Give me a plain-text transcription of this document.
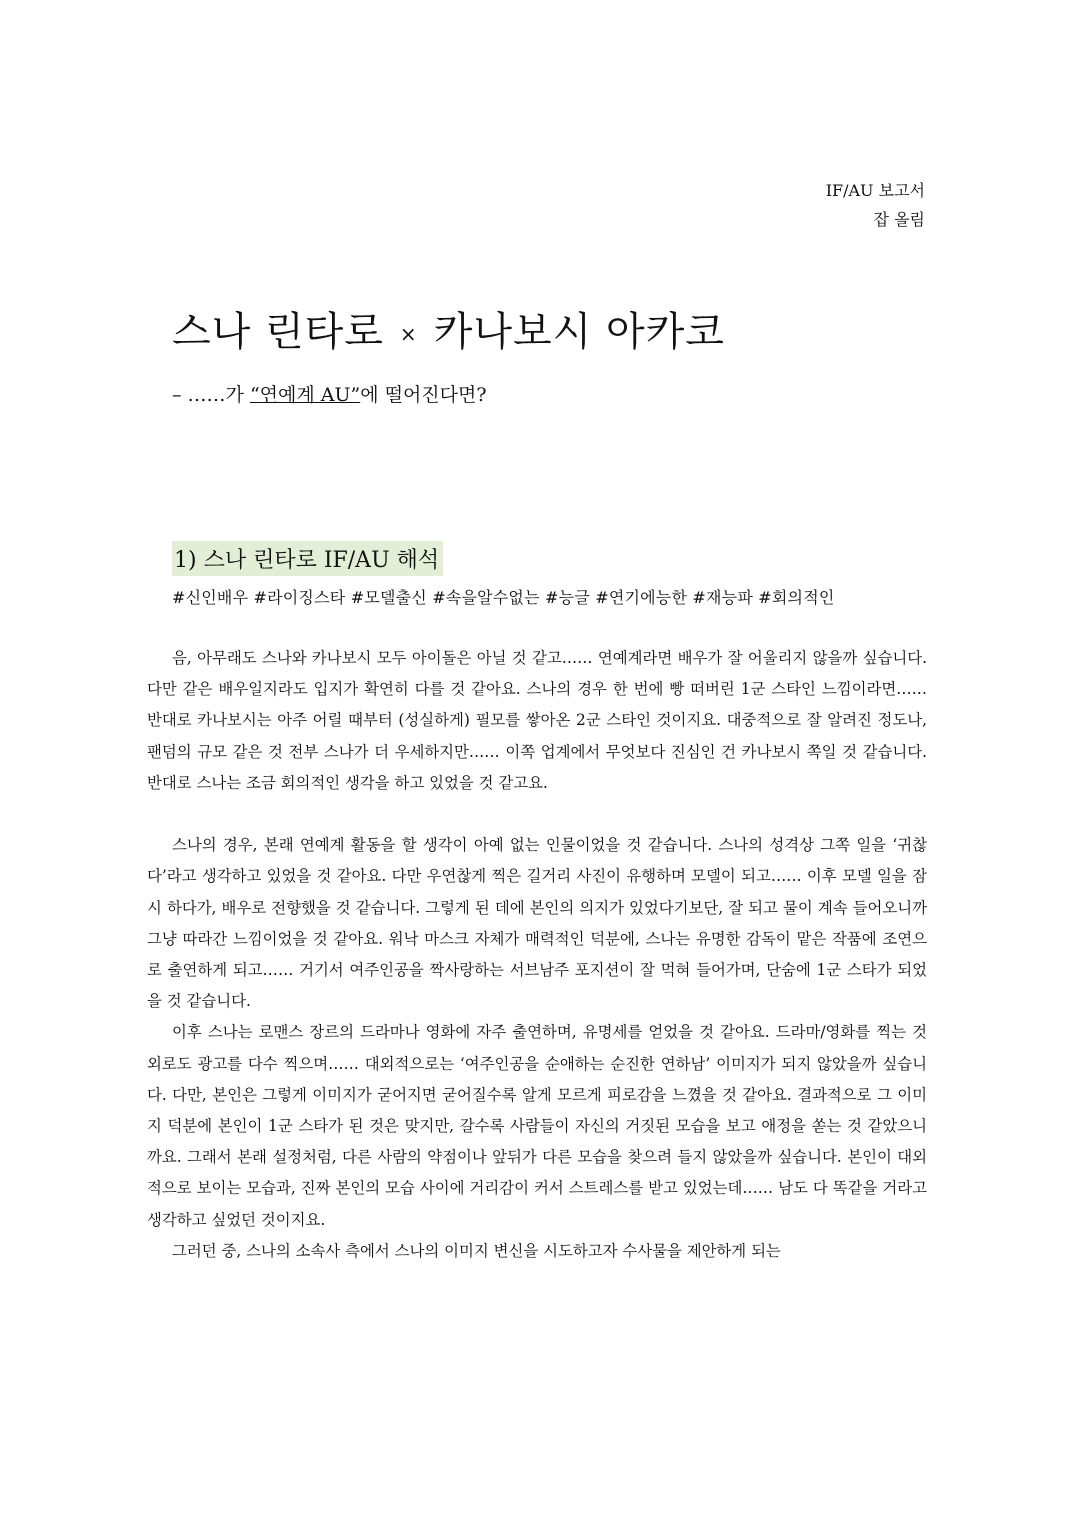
IF/AU 보고서
잡 올림
스나 린타로 × 카나보시 아카코
– ……가 “연예계 AU”에 떨어진다면?
1) 스나 린타로 IF/AU 해석
#신인배우 #라이징스타 #모델출신 #속을알수없는 #능글 #연기에능한 #재능파 #회의적인

음, 아무래도 스나와 카나보시 모두 아이돌은 아닐 것 같고…… 연예계라면 배우가 잘 어울리지 않을까 싶습니다. 다만 같은 배우일지라도 입지가 확연히 다를 것 같아요. 스나의 경우 한 번에 빵 떠버린 1군 스타인 느낌이라면…… 반대로 카나보시는 아주 어릴 때부터 (성실하게) 필모를 쌓아온 2군 스타인 것이지요. 대중적으로 잘 알려진 정도나, 팬덤의 규모 같은 것 전부 스나가 더 우세하지만…… 이쪽 업계에서 무엇보다 진심인 건 카나보시 쪽일 것 같습니다. 반대로 스나는 조금 회의적인 생각을 하고 있었을 것 같고요.

스나의 경우, 본래 연예계 활동을 할 생각이 아예 없는 인물이었을 것 같습니다. 스나의 성격상 그쪽 일을 ‘귀찮다’라고 생각하고 있었을 것 같아요. 다만 우연찮게 찍은 길거리 사진이 유행하며 모델이 되고…… 이후 모델 일을 잠시 하다가, 배우로 전향했을 것 같습니다. 그렇게 된 데에 본인의 의지가 있었다기보단, 잘 되고 물이 계속 들어오니까 그냥 따라간 느낌이었을 것 같아요. 워낙 마스크 자체가 매력적인 덕분에, 스나는 유명한 감독이 맡은 작품에 조연으로 출연하게 되고…… 거기서 여주인공을 짝사랑하는 서브남주 포지션이 잘 먹혀 들어가며, 단숨에 1군 스타가 되었을 것 같습니다.

이후 스나는 로맨스 장르의 드라마나 영화에 자주 출연하며, 유명세를 얻었을 것 같아요. 드라마/영화를 찍는 것 외로도 광고를 다수 찍으며…… 대외적으로는 ‘여주인공을 순애하는 순진한 연하남’ 이미지가 되지 않았을까 싶습니다. 다만, 본인은 그렇게 이미지가 굳어지면 굳어질수록 알게 모르게 피로감을 느꼈을 것 같아요. 결과적으로 그 이미지 덕분에 본인이 1군 스타가 된 것은 맞지만, 갈수록 사람들이 자신의 거짓된 모습을 보고 애정을 쏟는 것 같았으니까요. 그래서 본래 설정처럼, 다른 사람의 약점이나 앞뒤가 다른 모습을 찾으려 들지 않았을까 싶습니다. 본인이 대외적으로 보이는 모습과, 진짜 본인의 모습 사이에 거리감이 커서 스트레스를 받고 있었는데…… 남도 다 똑같을 거라고 생각하고 싶었던 것이지요.

그러던 중, 스나의 소속사 측에서 스나의 이미지 변신을 시도하고자 수사물을 제안하게 되는
